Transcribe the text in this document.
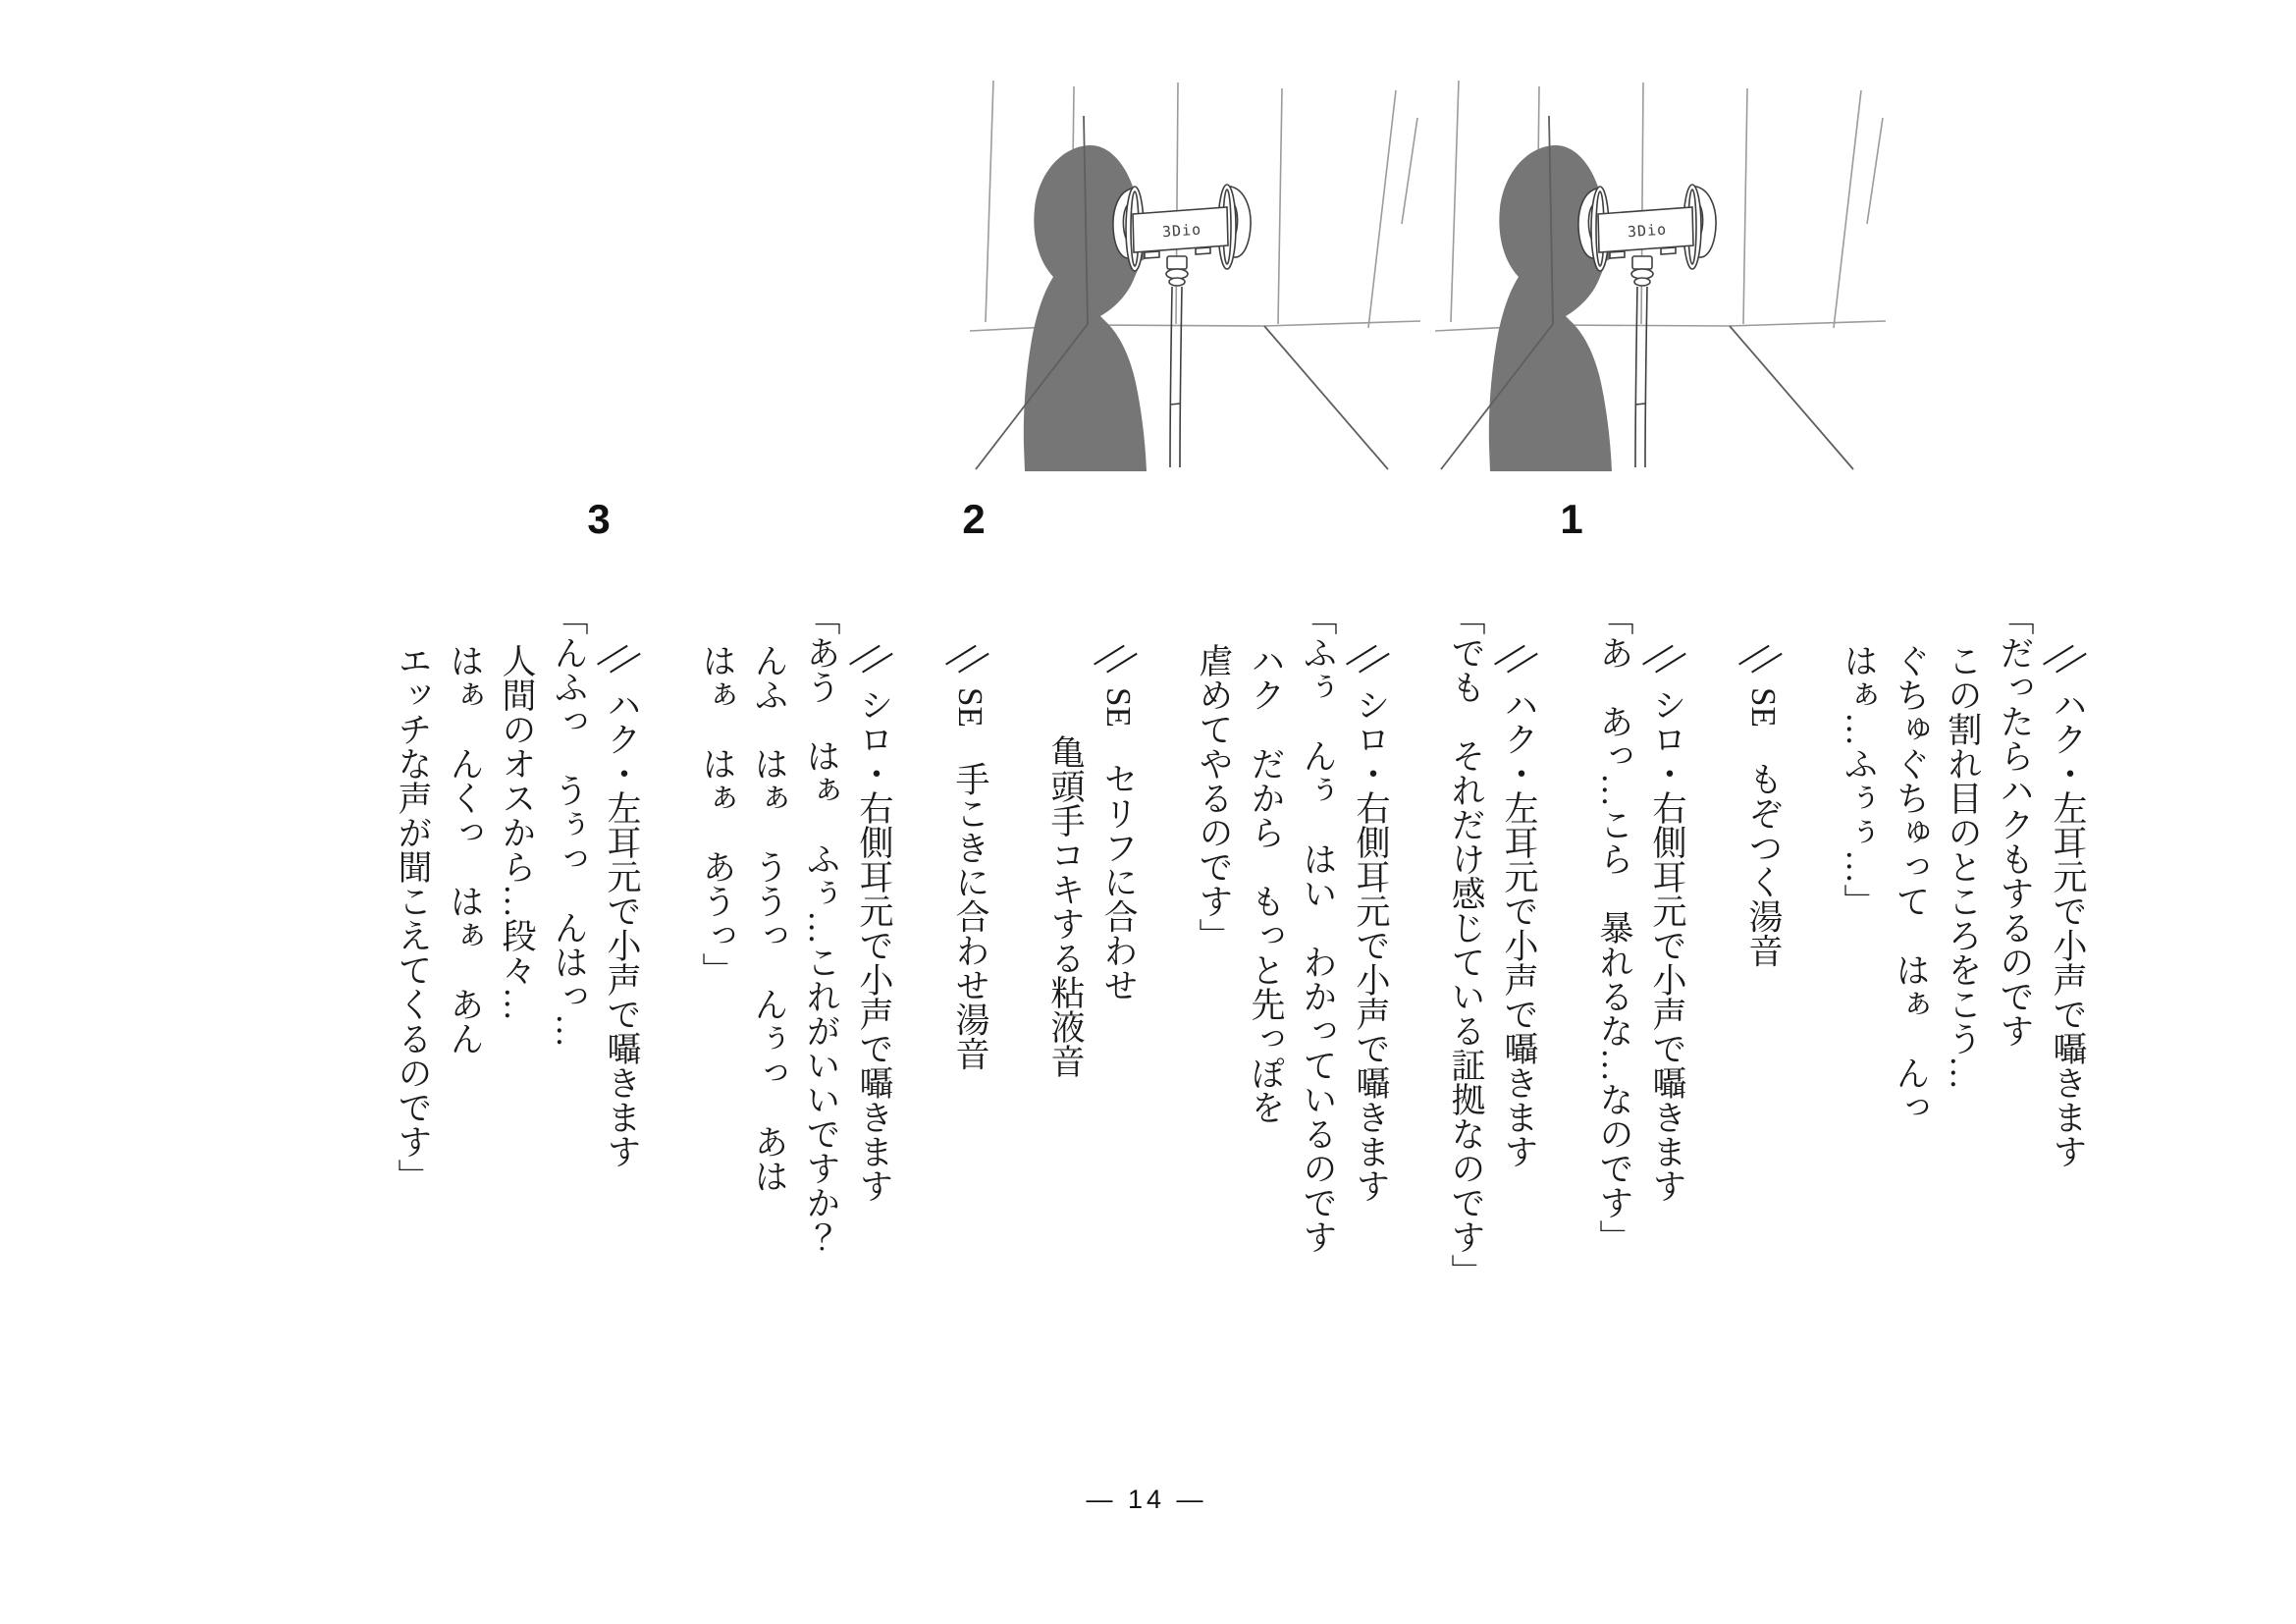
3Dio	3Dio
3	2	1
ハク・左耳元で小声で囁きます
「だったらハクもするのです
この割れ目のところをこう…
ぐちゅぐちゅって　はぁ　んっ
はぁ…ふぅぅ…」
SE　もぞつく湯音
シロ・右側耳元で小声で囁きます
「あ　あっ…こら　暴れるな…なのです」
ハク・左耳元で小声で囁きます
「でも　それだけ感じている証拠なのです」
シロ・右側耳元で小声で囁きます
「ふぅ　んぅ　はい　わかっているのです
ハク　だから　もっと先っぽを
虐めてやるのです」
SE　セリフに合わせ
亀頭手コキする粘液音
SE　手こきに合わせ湯音
シロ・右側耳元で小声で囁きます
「あう　はぁ　ふぅ…これがいいですか？
んふ　はぁ　ううっ　んぅっ　あは
はぁ　はぁ　あうっ」
ハク・左耳元で小声で囁きます
「んふっ　うぅっ　んはっ…
人間のオスから…段々…
はぁ　んくっ　はぁ　あん
エッチな声が聞こえてくるのです」
— 14 —
